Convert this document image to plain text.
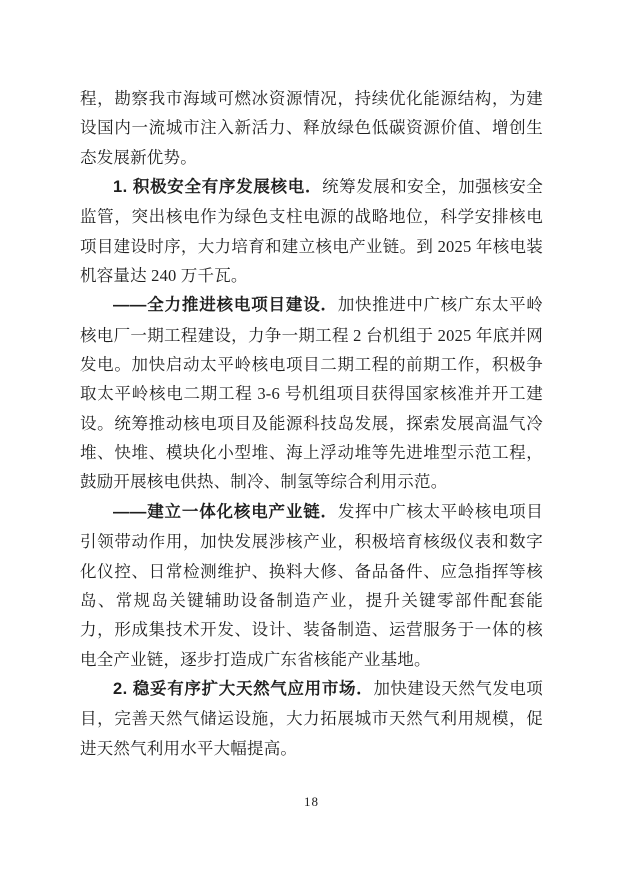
程，勘察我市海域可燃冰资源情况，持续优化能源结构，为建设国内一流城市注入新活力、释放绿色低碳资源价值、增创生态发展新优势。

1. 积极安全有序发展核电．统筹发展和安全，加强核安全监管，突出核电作为绿色支柱电源的战略地位，科学安排核电项目建设时序，大力培育和建立核电产业链。到 2025 年核电装机容量达 240 万千瓦。

——全力推进核电项目建设．加快推进中广核广东太平岭核电厂一期工程建设，力争一期工程 2 台机组于 2025 年底并网发电。加快启动太平岭核电项目二期工程的前期工作，积极争取太平岭核电二期工程 3-6 号机组项目获得国家核准并开工建设。统筹推动核电项目及能源科技岛发展，探索发展高温气冷堆、快堆、模块化小型堆、海上浮动堆等先进堆型示范工程，鼓励开展核电供热、制冷、制氢等综合利用示范。

——建立一体化核电产业链．发挥中广核太平岭核电项目引领带动作用，加快发展涉核产业，积极培育核级仪表和数字化仪控、日常检测维护、换料大修、备品备件、应急指挥等核岛、常规岛关键辅助设备制造产业，提升关键零部件配套能力，形成集技术开发、设计、装备制造、运营服务于一体的核电全产业链，逐步打造成广东省核能产业基地。

2. 稳妥有序扩大天然气应用市场．加快建设天然气发电项目，完善天然气储运设施，大力拓展城市天然气利用规模，促进天然气利用水平大幅提高。

18
